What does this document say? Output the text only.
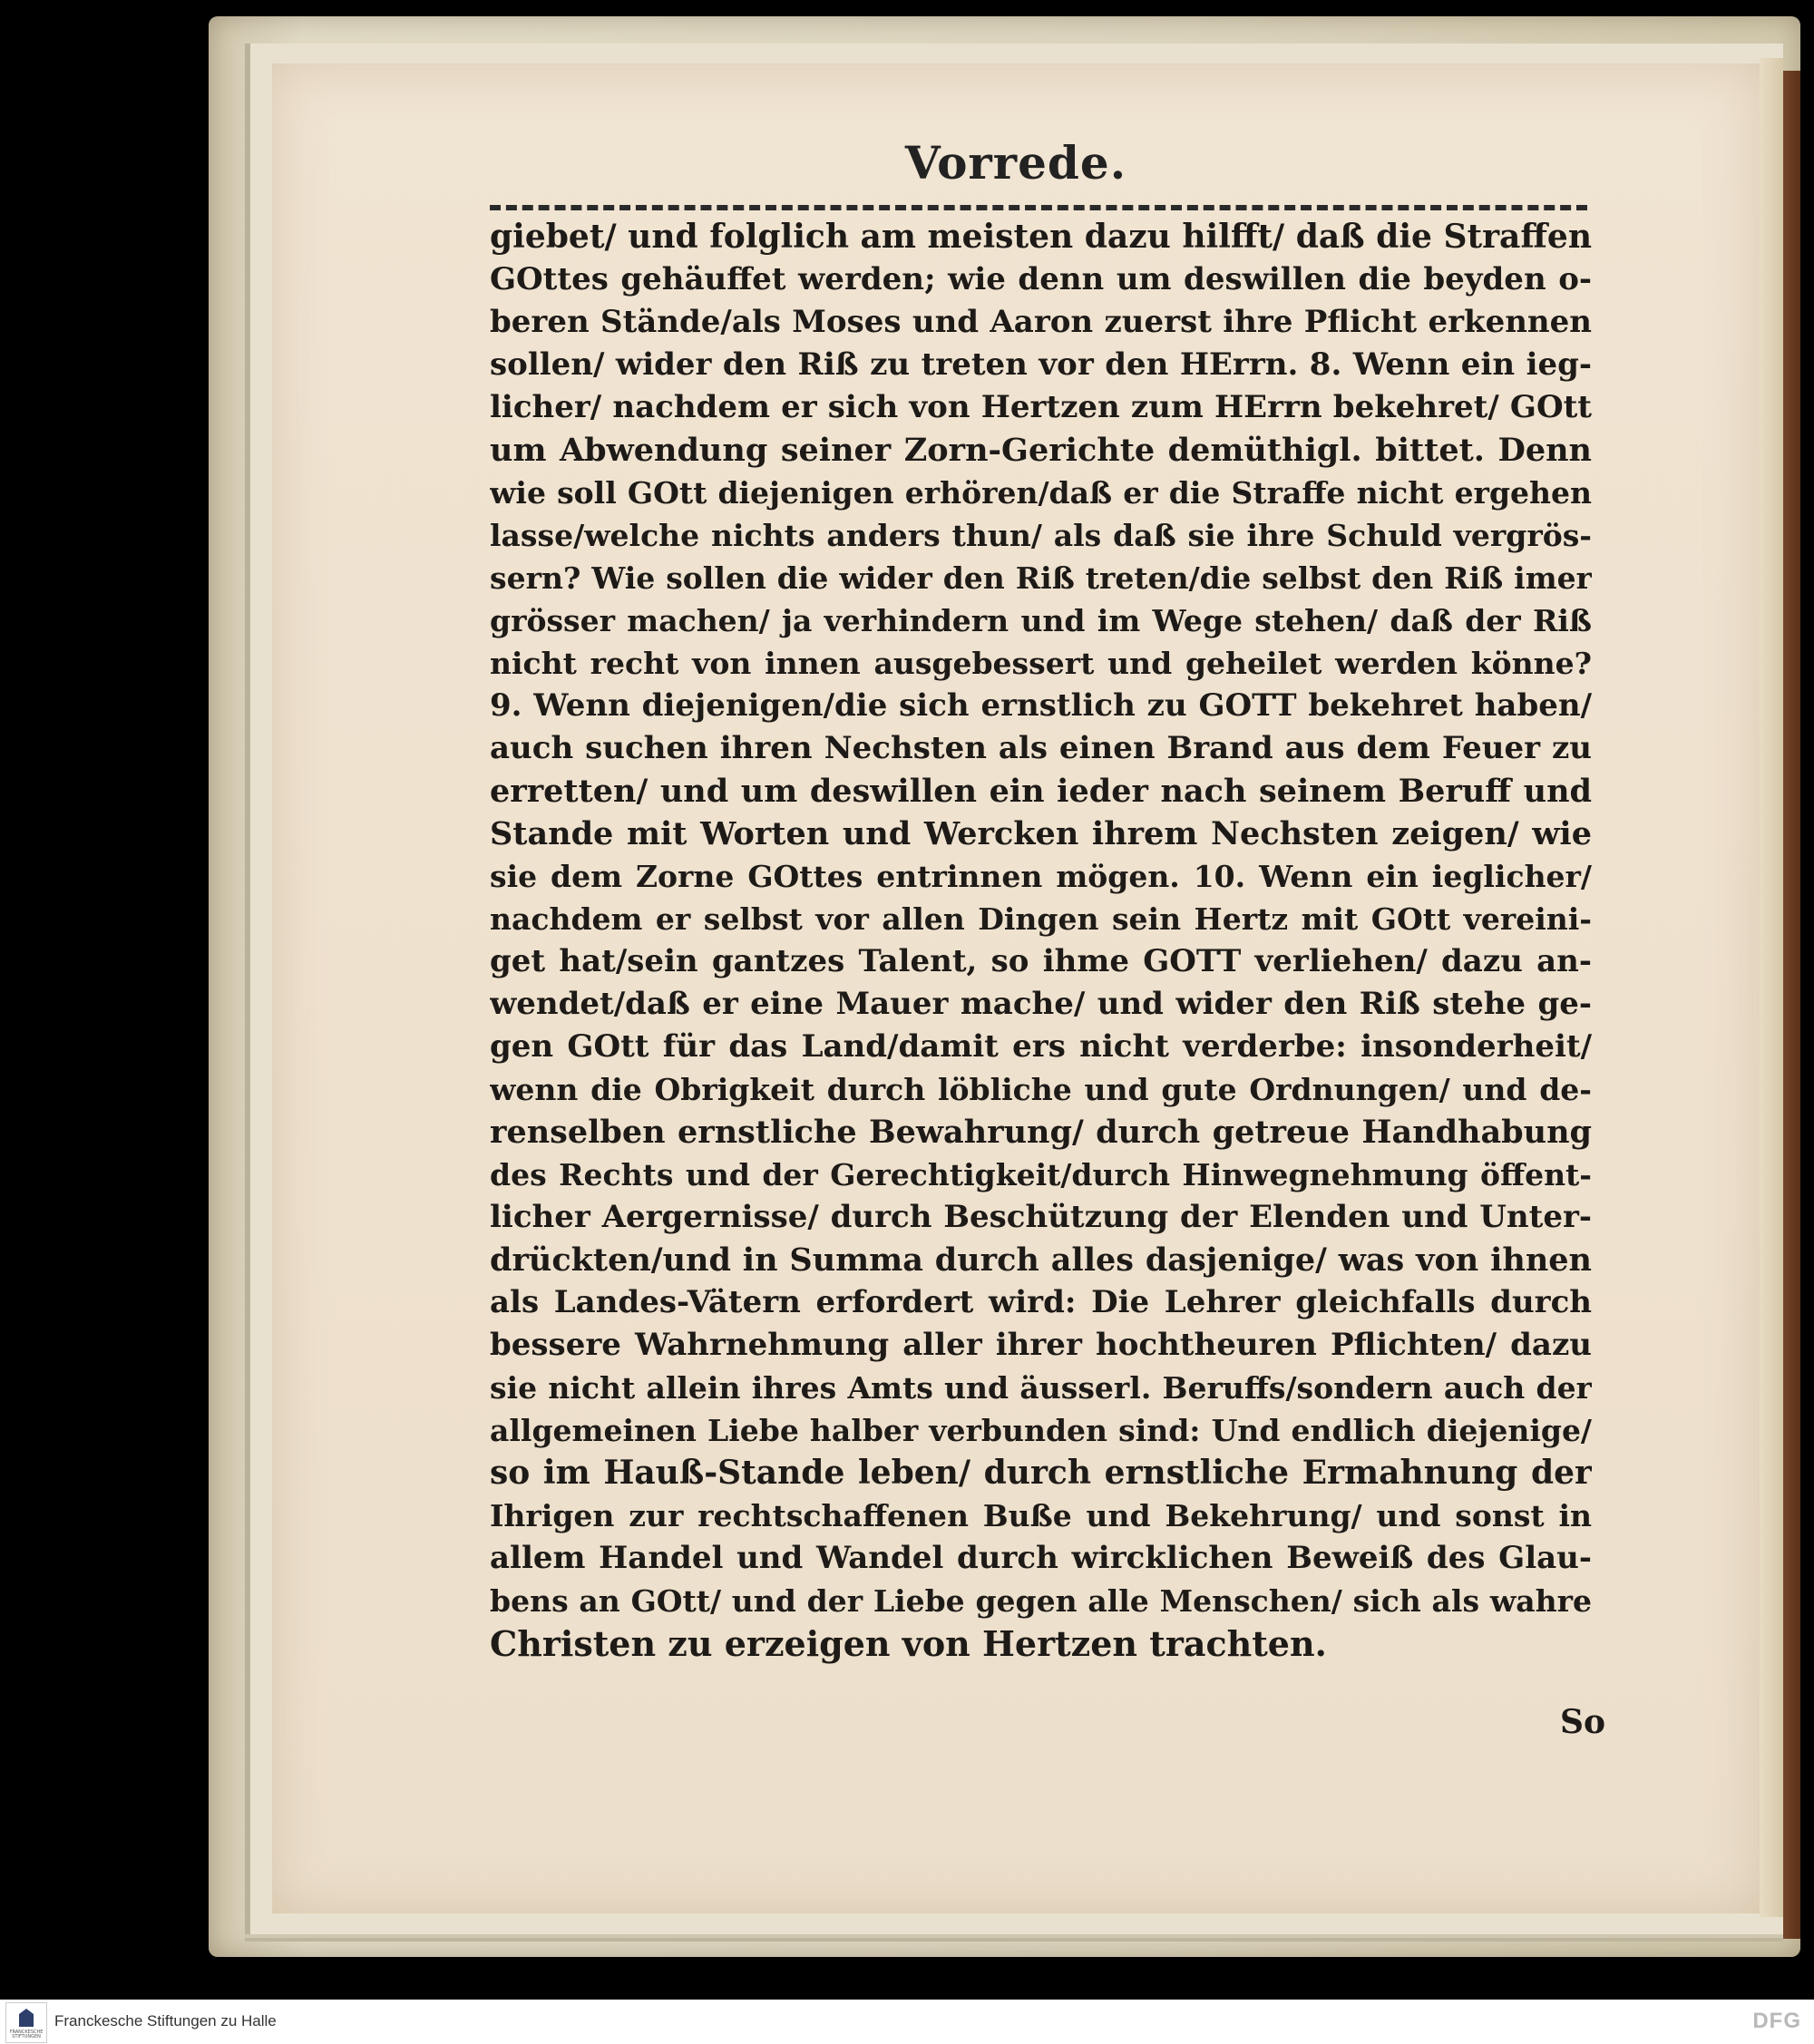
Vorrede.
giebet/ und folglich am meisten dazu hilfft/ daß die Straffen
GOttes gehäuffet werden; wie denn um deswillen die beyden o-
beren Stände/als Moses und Aaron zuerst ihre Pflicht erkennen
sollen/ wider den Riß zu treten vor den HErrn. 8. Wenn ein ieg-
licher/ nachdem er sich von Hertzen zum HErrn bekehret/ GOtt
um Abwendung seiner Zorn-Gerichte demüthigl. bittet. Denn
wie soll GOtt diejenigen erhören/daß er die Straffe nicht ergehen
lasse/welche nichts anders thun/ als daß sie ihre Schuld vergrös-
sern? Wie sollen die wider den Riß treten/die selbst den Riß imer
grösser machen/ ja verhindern und im Wege stehen/ daß der Riß
nicht recht von innen ausgebessert und geheilet werden könne?
9. Wenn diejenigen/die sich ernstlich zu GOTT bekehret haben/
auch suchen ihren Nechsten als einen Brand aus dem Feuer zu
erretten/ und um deswillen ein ieder nach seinem Beruff und
Stande mit Worten und Wercken ihrem Nechsten zeigen/ wie
sie dem Zorne GOttes entrinnen mögen. 10. Wenn ein ieglicher/
nachdem er selbst vor allen Dingen sein Hertz mit GOtt vereini-
get hat/sein gantzes Talent, so ihme GOTT verliehen/ dazu an-
wendet/daß er eine Mauer mache/ und wider den Riß stehe ge-
gen GOtt für das Land/damit ers nicht verderbe: insonderheit/
wenn die Obrigkeit durch löbliche und gute Ordnungen/ und de-
renselben ernstliche Bewahrung/ durch getreue Handhabung
des Rechts und der Gerechtigkeit/durch Hinwegnehmung öffent-
licher Aergernisse/ durch Beschützung der Elenden und Unter-
drückten/und in Summa durch alles dasjenige/ was von ihnen
als Landes-Vätern erfordert wird: Die Lehrer gleichfalls durch
bessere Wahrnehmung aller ihrer hochtheuren Pflichten/ dazu
sie nicht allein ihres Amts und äusserl. Beruffs/sondern auch der
allgemeinen Liebe halber verbunden sind: Und endlich diejenige/
so im Hauß-Stande leben/ durch ernstliche Ermahnung der
Ihrigen zur rechtschaffenen Buße und Bekehrung/ und sonst in
allem Handel und Wandel durch wircklichen Beweiß des Glau-
bens an GOtt/ und der Liebe gegen alle Menschen/ sich als wahre
Christen zu erzeigen von Hertzen trachten.
So
FRANCKESCHE STIFTUNGEN
Franckesche Stiftungen zu Halle	DFG
